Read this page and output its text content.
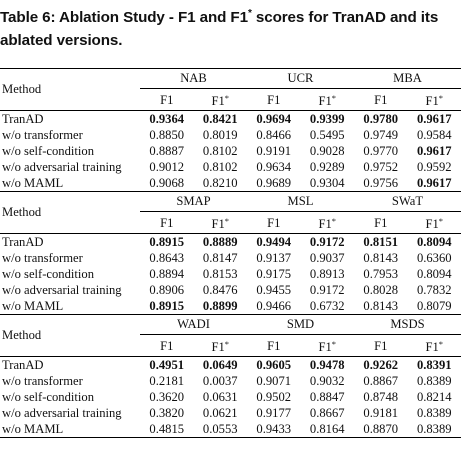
Table 6: Ablation Study - F1 and F1* scores for TranAD and its ablated versions.
Method	NAB		UCR		MBA	
	F1	F1*	F1	F1*	F1	F1*
TranAD	0.9364	0.8421	0.9694	0.9399	0.9780	0.9617
w/o transformer	0.8850	0.8019	0.8466	0.5495	0.9749	0.9584
w/o self-condition	0.8887	0.8102	0.9191	0.9028	0.9770	0.9617
w/o adversarial training	0.9012	0.8102	0.9634	0.9289	0.9752	0.9592
w/o MAML	0.9068	0.8210	0.9689	0.9304	0.9756	0.9617
Method	SMAP		MSL		SWaT	
	F1	F1*	F1	F1*	F1	F1*
TranAD	0.8915	0.8889	0.9494	0.9172	0.8151	0.8094
w/o transformer	0.8643	0.8147	0.9137	0.9037	0.8143	0.6360
w/o self-condition	0.8894	0.8153	0.9175	0.8913	0.7953	0.8094
w/o adversarial training	0.8906	0.8476	0.9455	0.9172	0.8028	0.7832
w/o MAML	0.8915	0.8899	0.9466	0.6732	0.8143	0.8079
Method	WADI		SMD		MSDS	
	F1	F1*	F1	F1*	F1	F1*
TranAD	0.4951	0.0649	0.9605	0.9478	0.9262	0.8391
w/o transformer	0.2181	0.0037	0.9071	0.9032	0.8867	0.8389
w/o self-condition	0.3620	0.0631	0.9502	0.8847	0.8748	0.8214
w/o adversarial training	0.3820	0.0621	0.9177	0.8667	0.9181	0.8389
w/o MAML	0.4815	0.0553	0.9433	0.8164	0.8870	0.8389
